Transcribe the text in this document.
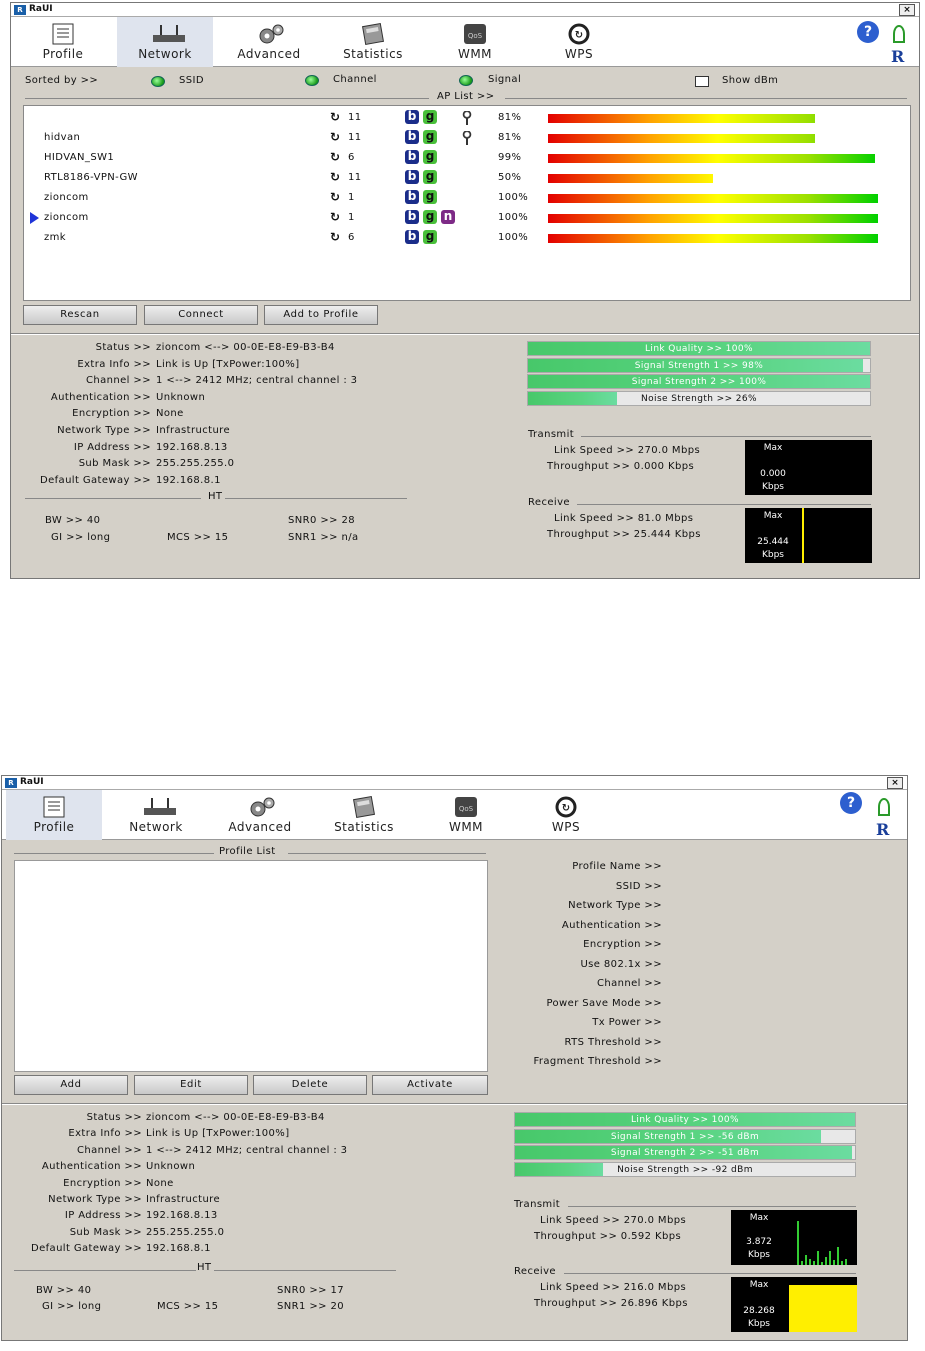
R RaUI	×
Profile	Network	Advanced	Statistics
QoS
WMM
↻
WPS
?
R
Sorted by >>	SSID	Channel	Signal	Show dBm
AP List >>
↻ 11	b g	81%
hidvan	↻ 11	b g	81%
HIDVAN_SW1	↻ 6	b g	99%
RTL8186-VPN-GW	↻ 11	b g	50%
zioncom	↻ 1	b g	100%
zioncom	↻ 1	b g n	100%
zmk	↻ 6	b g	100%
Rescan	Connect	Add to Profile
Status >> zioncom <--> 00-0E-E8-E9-B3-B4
Extra Info >> Link is Up [TxPower:100%]
Channel >> 1 <--> 2412 MHz; central channel : 3
Authentication >> Unknown
Encryption >> None
Network Type >> Infrastructure
IP Address >> 192.168.8.13
Sub Mask >> 255.255.255.0
Default Gateway >> 192.168.8.1
HT
BW >> 40
GI >> long	MCS >> 15
SNR0 >> 28
SNR1 >> n/a
Link Quality >> 100%
Signal Strength 1 >> 98%
Signal Strength 2 >> 100%
Noise Strength >> 26%
Transmit
Link Speed >> 270.0 Mbps
Throughput >> 0.000 Kbps
Max
0.000
Kbps
Receive
Link Speed >> 81.0 Mbps
Throughput >> 25.444 Kbps
Max
25.444
Kbps
R RaUI	×
Profile	Network	Advanced	Statistics
QoS
WMM
↻
WPS
?
R
Profile List
Add	Edit	Delete	Activate
Profile Name >>
SSID >>
Network Type >>
Authentication >>
Encryption >>
Use 802.1x >>
Channel >>
Power Save Mode >>
Tx Power >>
RTS Threshold >>
Fragment Threshold >>
Status >> zioncom <--> 00-0E-E8-E9-B3-B4
Extra Info >> Link is Up [TxPower:100%]
Channel >> 1 <--> 2412 MHz; central channel : 3
Authentication >> Unknown
Encryption >> None
Network Type >> Infrastructure
IP Address >> 192.168.8.13
Sub Mask >> 255.255.255.0
Default Gateway >> 192.168.8.1
HT
BW >> 40
GI >> long	MCS >> 15
SNR0 >> 17
SNR1 >> 20
Link Quality >> 100%
Signal Strength 1 >> -56 dBm
Signal Strength 2 >> -51 dBm
Noise Strength >> -92 dBm
Transmit
Link Speed >> 270.0 Mbps
Throughput >> 0.592 Kbps
Max
3.872
Kbps
Receive
Link Speed >> 216.0 Mbps
Throughput >> 26.896 Kbps
Max
28.268
Kbps
